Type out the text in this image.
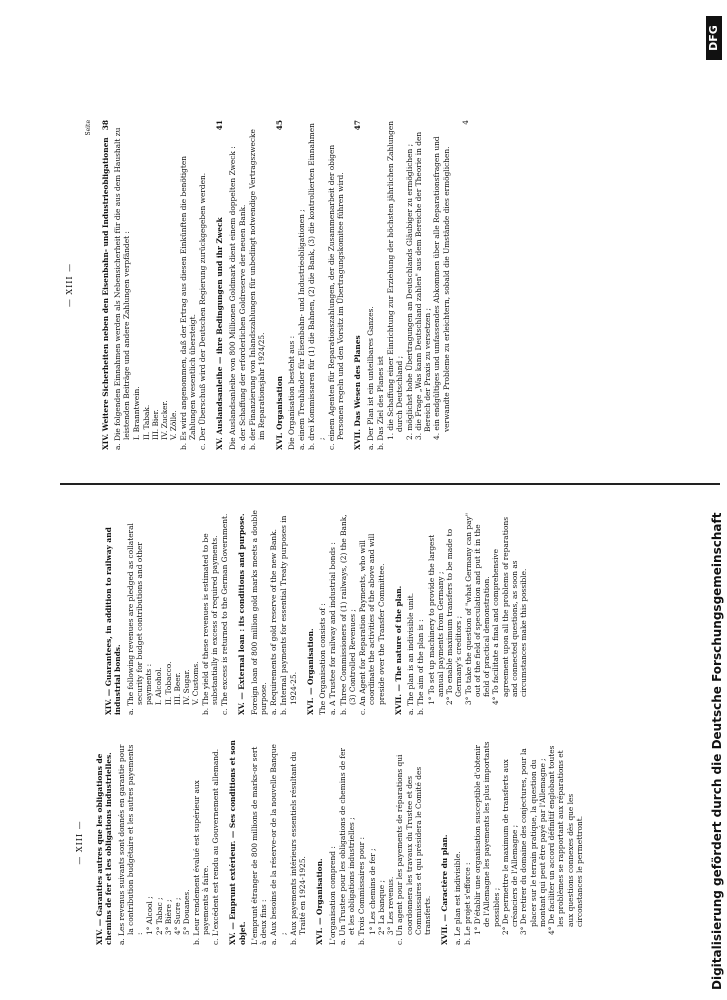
— XIII — XIV. — Garanties autres que les obligations de chemins de fer et les obligations industrielles. a. Les revenus suivants sont donnés en garantie pour la contribution budgétaire et les autres payements : 1° Alcool ; 2° Tabac ; 3° Bière ; 4° Sucre ; 5° Douanes. b. Leur rendement évalué est supérieur aux payements à faire. c. L'excédent est rendu au Gouvernement allemand. XV. — Emprunt extérieur. — Ses conditions et son objet. L'emprunt étranger de 800 millions de marks-or sert à deux fins : a. Aux besoins de la réserve-or de la nouvelle Banque ; b. Aux payements intérieurs essentiels résultant du Traité en 1924-1925. XVI. — Organisation. L'organisation comprend : a. Un Trustee pour les obligations de chemins de fer et les obligations industrielles ; b. Trois Commissaires pour : 1° Les chemins de fer ; 2° La banque ; 3° Les revenus. c. Un agent pour les payements de réparations qui coordonnera les travaux du Trustee et des Commissaires et qui présidera le Comité des transferts. XVII. — Caractère du plan. a. Le plan est indivisible. b. Le projet s'efforce : 1° D'établir une organisation susceptible d'obtenir de l'Allemagne les payements les plus importants possibles ; 2° De permettre le maximum de transferts aux créanciers de l'Allemagne ; 3° De retirer du domaine des conjectures, pour la placer sur le terrain pratique, la question du montant qui peut être payé par l'Allemagne ; 4° De faciliter un accord définitif englobant toutes les problèmes se rapportant aux réparations et aux questions connexes dès que les circonstances le permettront.
XIV. — Guarantees, in addition to railway and industrial bonds. a. The following revenues are pledged as collateral security for budget contributions and other payments : I. Alcohol. II. Tobacco. III. Beer. IV. Sugar. V. Customs. b. The yield of these revenues is estimated to be substantially in excess of required payments. c. The excess is returned to the German Government. XV. — External loan : its conditions and purpose. Foreign loan of 800 million gold marks meets a double purpose. a. Requirements of gold reserve of the new Bank. b. Internal payments for essential Treaty purposes in 1924-25. XVI. — Organisation. The Organisation consists of : a. A Trustee for railway and industrial bonds : b. Three Commissioners of (1) railways, (2) the Bank, (3) Controlled Revenues ; c. An Agent for Reparation Payments, who will coordinate the activities of the above and will preside over the Transfer Committee. XVII. — The nature of the plan. a. The plan is an indivisible unit. b. The aim of the plan is : 1° To set up machinery to provide the largest annual payments from Germany ; 2° To enable maximum transfers to be made to Germany's creditors ; 3° To take the question of "what Germany can pay" out of the field of speculation and put it in the field of practical demonstration. 4° To facilitate a final and comprehensive agreement upon all the problems of reparations and connected questions, as soon as circumstances make this possible.
— XIII —
Seite
XIV. Weitere Sicherheiten neben den Eisenbahn- und Industrieobligationen
38
a. Die folgenden Einnahmen werden als Nebensicherheit für die aus dem Haushalt zu leistenden Beiträge und andere Zahlungen verpfändet : I. Branntwein. II. Tabak. III. Bier. IV. Zucker. V. Zölle. b. Es wird angenommen, daß der Ertrag aus diesen Einkünften die benötigten Zahlungen wesentlich übersteigt. c. Der Überschuß wird der Deutschen Regierung zurückgegeben werden. XV. Auslandsanleihe — ihre Bedingungen und ihr Zweck
41
Die Auslandsanleihe von 800 Millionen Goldmark dient einem doppelten Zweck : a. der Schaffung der erforderlichen Goldreserve der neuen Bank. b. der Finanzierung von Inlandszahlungen für unbedingt notwendige Vertragszwecke im Reparationsjahr 1924/25. XVI. Organisation
45
Die Organisation besteht aus : a. einem Treuhänder für Eisenbahn- und Industrieobligationen ; b. drei Kommissaren für (1) die Bahnen, (2) die Bank, (3) die kontrollierten Einnahmen ; c. einem Agenten für Reparationszahlungen, der die Zusammenarbeit der obigen Personen regeln und den Vorsitz im Übertragungskomitee führen wird. XVII. Das Wesen des Planes
47
a. Der Plan ist ein unteilbares Ganzes. b. Das Ziel des Planes ist 1. die Schaffung einer Einrichtung zur Erziehung der höchsten jährlichen Zahlungen durch Deutschland ; 2. möglichst hohe Übertragungen an Deutschlands Gläubiger zu ermöglichen ; 3. die Frage „Was kann Deutschland zahlen" aus dem Bereiche der Theorie in den Bereich der Praxis zu versetzen ; 4. ein endgültiges und umfassendes Abkommen über alle Reparationsfragen und verwandte Probleme zu erleichtern, sobald die Umstände dies ermöglichen.
4
Digitalisierung gefördert durch die Deutsche Forschungsgemeinschaft
DFG
